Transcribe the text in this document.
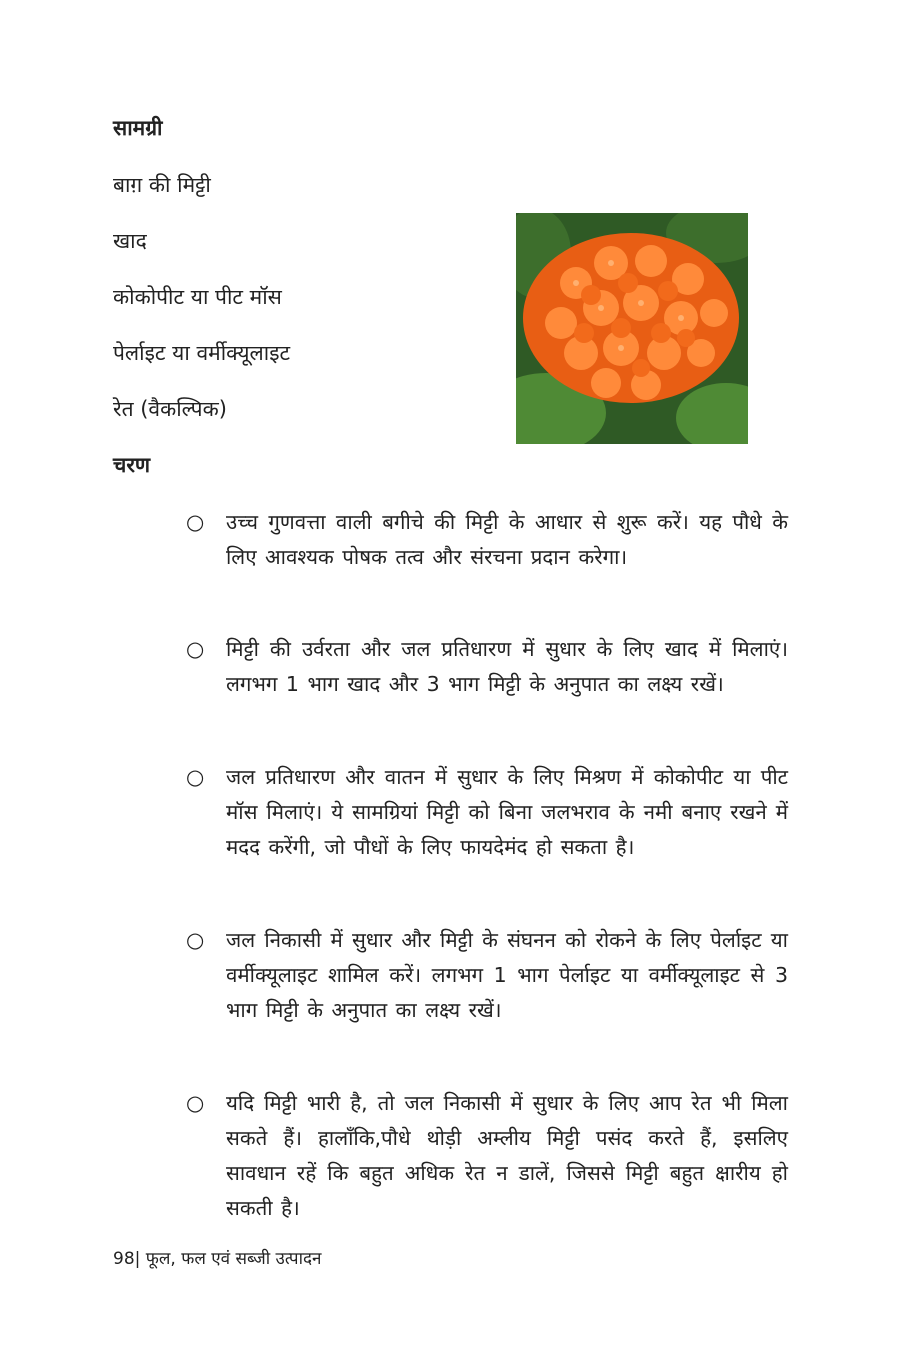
सामग्री
बाग़ की मिट्टी
खाद
कोकोपीट या पीट मॉस
पेर्लाइट या वर्मीक्यूलाइट
रेत (वैकल्पिक)
चरण
○ उच्च गुणवत्ता वाली बगीचे की मिट्टी के आधार से शुरू करें। यह पौधे के लिए आवश्यक पोषक तत्व और संरचना प्रदान करेगा।
○ मिट्टी की उर्वरता और जल प्रतिधारण में सुधार के लिए खाद में मिलाएं। लगभग 1 भाग खाद और 3 भाग मिट्टी के अनुपात का लक्ष्य रखें।
○ जल प्रतिधारण और वातन में सुधार के लिए मिश्रण में कोकोपीट या पीट मॉस मिलाएं। ये सामग्रियां मिट्टी को बिना जलभराव के नमी बनाए रखने में मदद करेंगी, जो पौधों के लिए फायदेमंद हो सकता है।
○ जल निकासी में सुधार और मिट्टी के संघनन को रोकने के लिए पेर्लाइट या वर्मीक्यूलाइट शामिल करें। लगभग 1 भाग पेर्लाइट या वर्मीक्यूलाइट से 3 भाग मिट्टी के अनुपात का लक्ष्य रखें।
○ यदि मिट्टी भारी है, तो जल निकासी में सुधार के लिए आप रेत भी मिला सकते हैं। हालाँकि,पौधे थोड़ी अम्लीय मिट्टी पसंद करते हैं, इसलिए सावधान रहें कि बहुत अधिक रेत न डालें, जिससे मिट्टी बहुत क्षारीय हो सकती है।
98| फूल, फल एवं सब्जी उत्पादन
